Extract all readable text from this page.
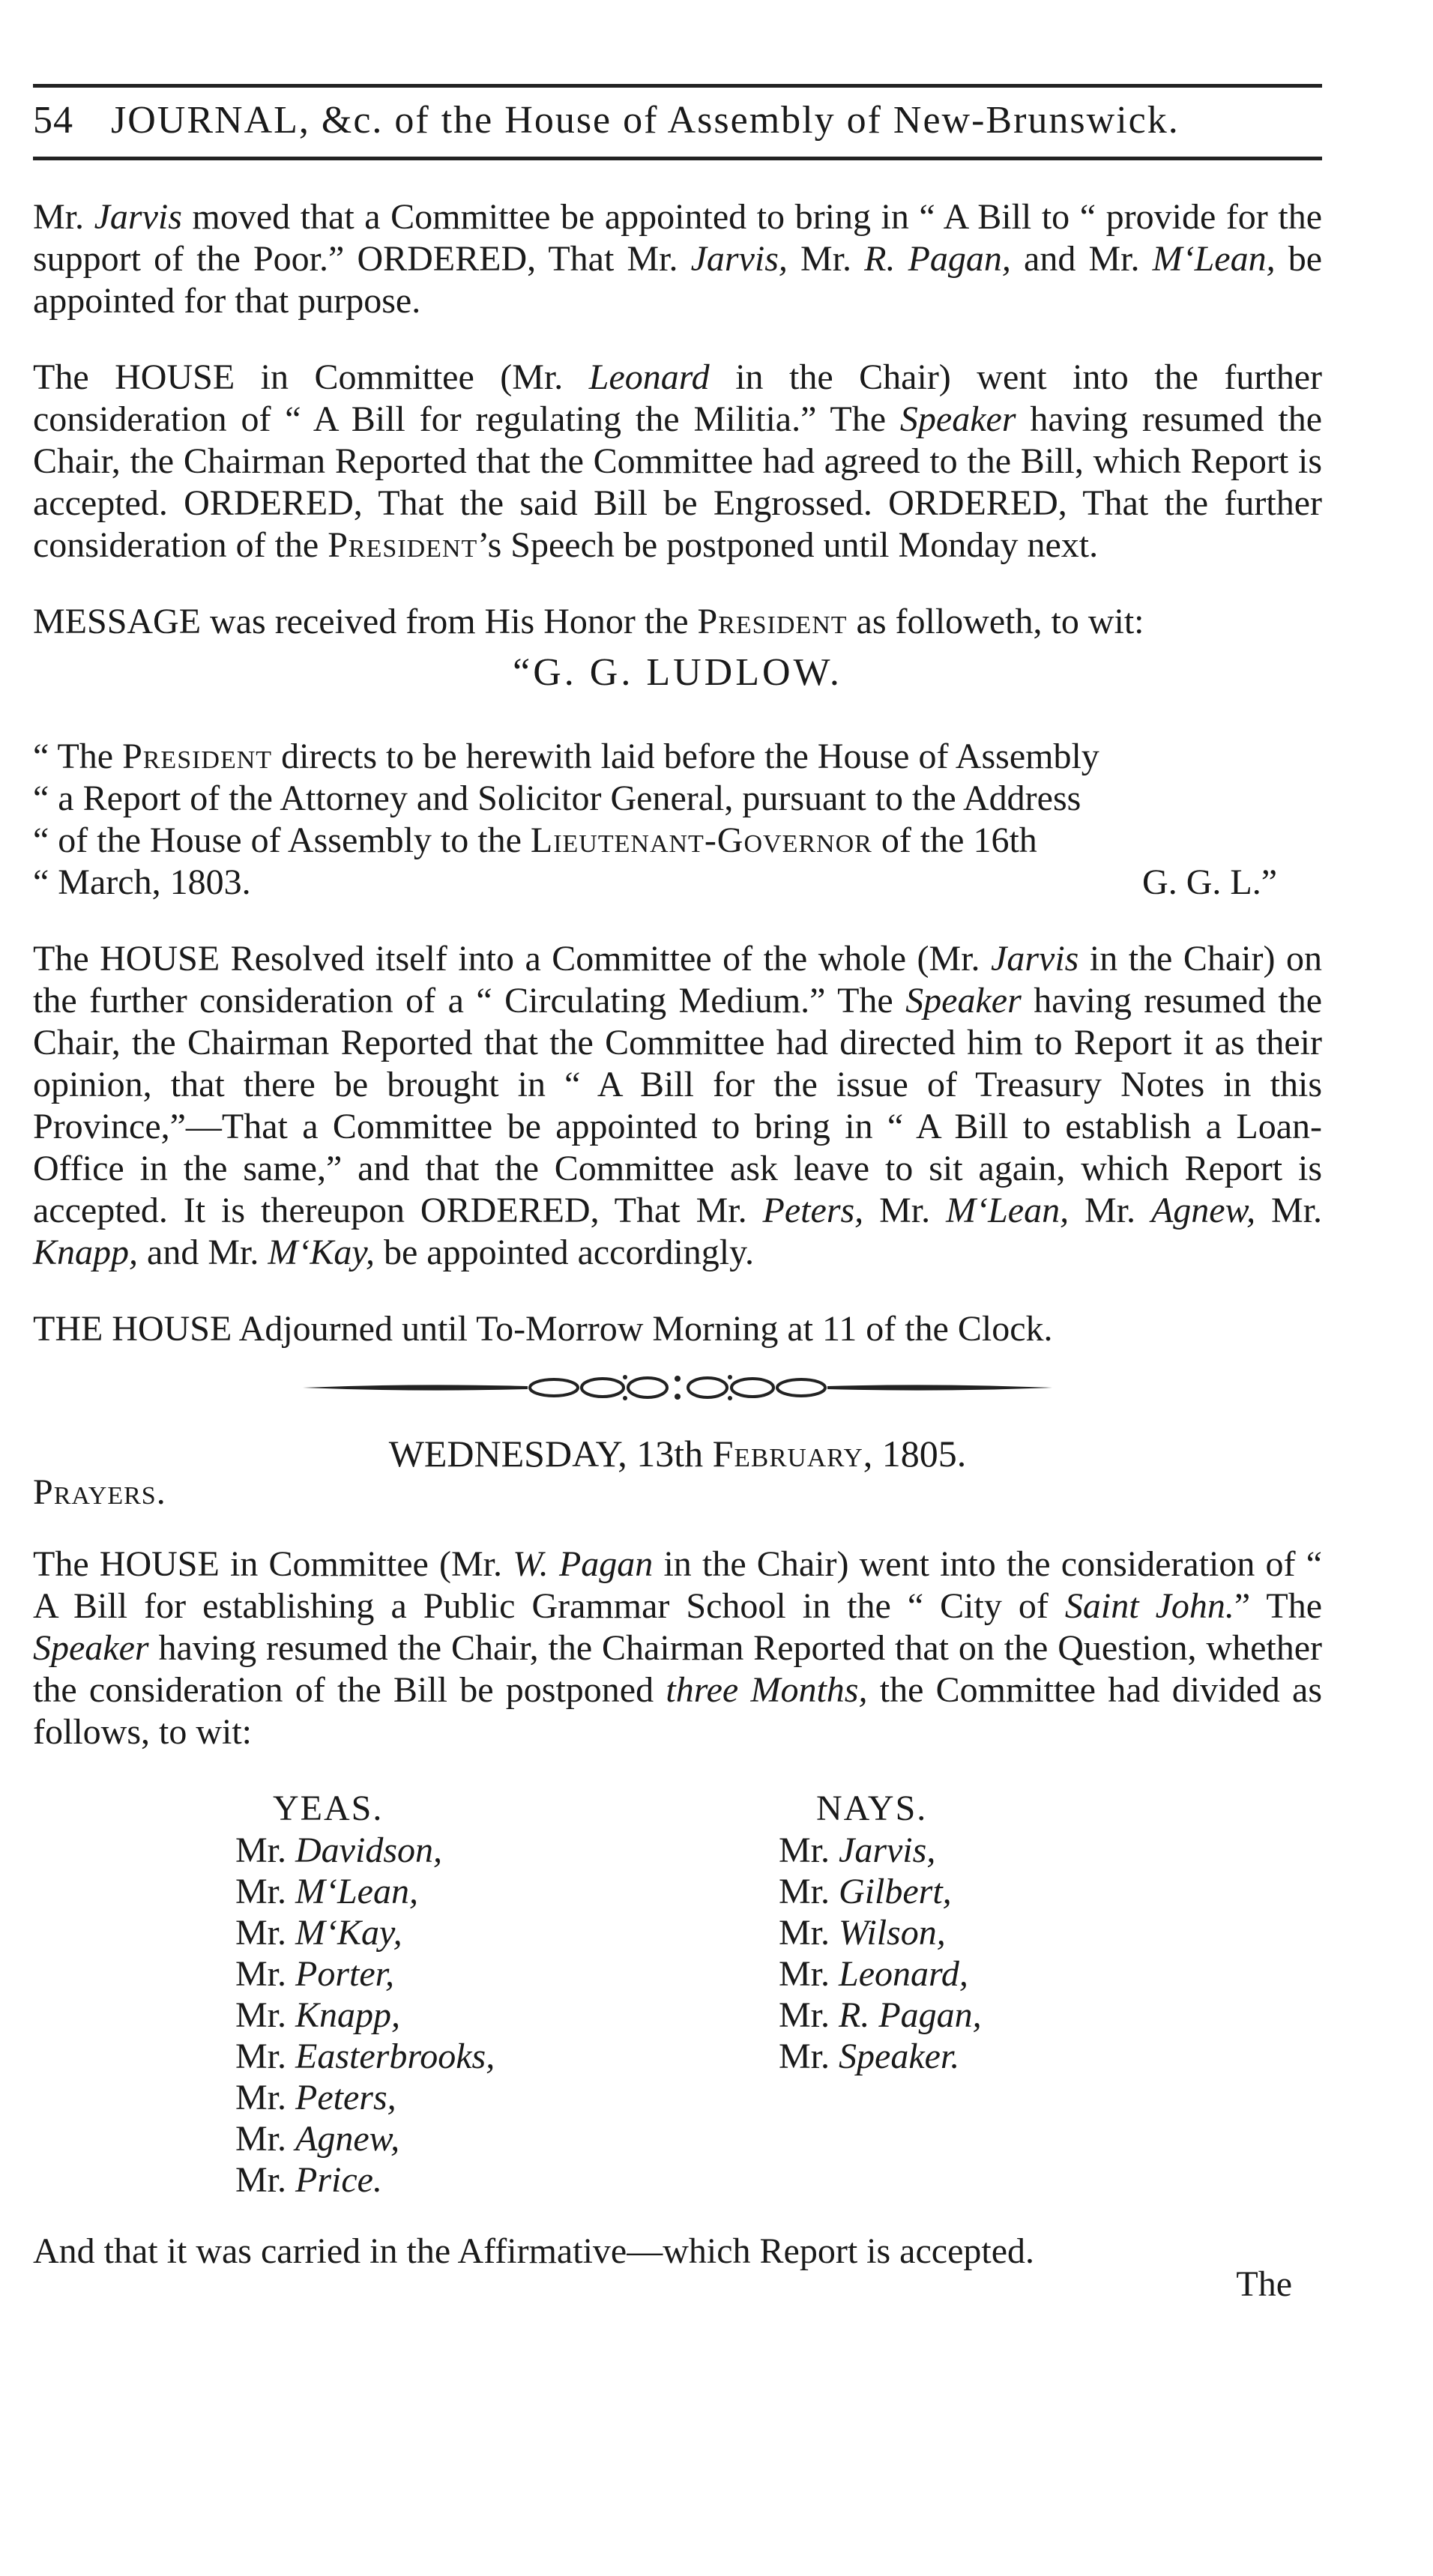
54 JOURNAL, &c. of the House of Assembly of New-Brunswick.

Mr. Jarvis moved that a Committee be appointed to bring in “ A Bill to “ provide for the support of the Poor.” ORDERED, That Mr. Jarvis, Mr. R. Pagan, and Mr. M‘Lean, be appointed for that purpose.

The HOUSE in Committee (Mr. Leonard in the Chair) went into the further consideration of “ A Bill for regulating the Militia.” The Speaker having resumed the Chair, the Chairman Reported that the Committee had agreed to the Bill, which Report is accepted. ORDERED, That the said Bill be Engrossed. ORDERED, That the further consideration of the President’s Speech be postponed until Monday next.

MESSAGE was received from His Honor the President as followeth, to wit:

“G. G. LUDLOW.

“ The President directs to be herewith laid before the House of Assembly
“ a Report of the Attorney and Solicitor General, pursuant to the Address
“ of the House of Assembly to the Lieutenant-Governor of the 16th
“ March, 1803.	G. G. L.”

The HOUSE Resolved itself into a Committee of the whole (Mr. Jarvis in the Chair) on the further consideration of a “ Circulating Medium.” The Speaker having resumed the Chair, the Chairman Reported that the Committee had directed him to Report it as their opinion, that there be brought in “ A Bill for the issue of Treasury Notes in this Province,”—That a Committee be appointed to bring in “ A Bill to establish a Loan-Office in the same,” and that the Committee ask leave to sit again, which Report is accepted. It is thereupon ORDERED, That Mr. Peters, Mr. M‘Lean, Mr. Agnew, Mr. Knapp, and Mr. M‘Kay, be appointed accordingly.

THE HOUSE Adjourned until To-Morrow Morning at 11 of the Clock.

WEDNESDAY, 13th February, 1805.

Prayers.

The HOUSE in Committee (Mr. W. Pagan in the Chair) went into the consideration of “ A Bill for establishing a Public Grammar School in the “ City of Saint John.” The Speaker having resumed the Chair, the Chairman Reported that on the Question, whether the consideration of the Bill be postponed three Months, the Committee had divided as follows, to wit:

YEAS.
Mr. Davidson,
Mr. M‘Lean,
Mr. M‘Kay,
Mr. Porter,
Mr. Knapp,
Mr. Easterbrooks,
Mr. Peters,
Mr. Agnew,
Mr. Price.
NAYS.
Mr. Jarvis,
Mr. Gilbert,
Mr. Wilson,
Mr. Leonard,
Mr. R. Pagan,
Mr. Speaker.

And that it was carried in the Affirmative—which Report is accepted.

The
